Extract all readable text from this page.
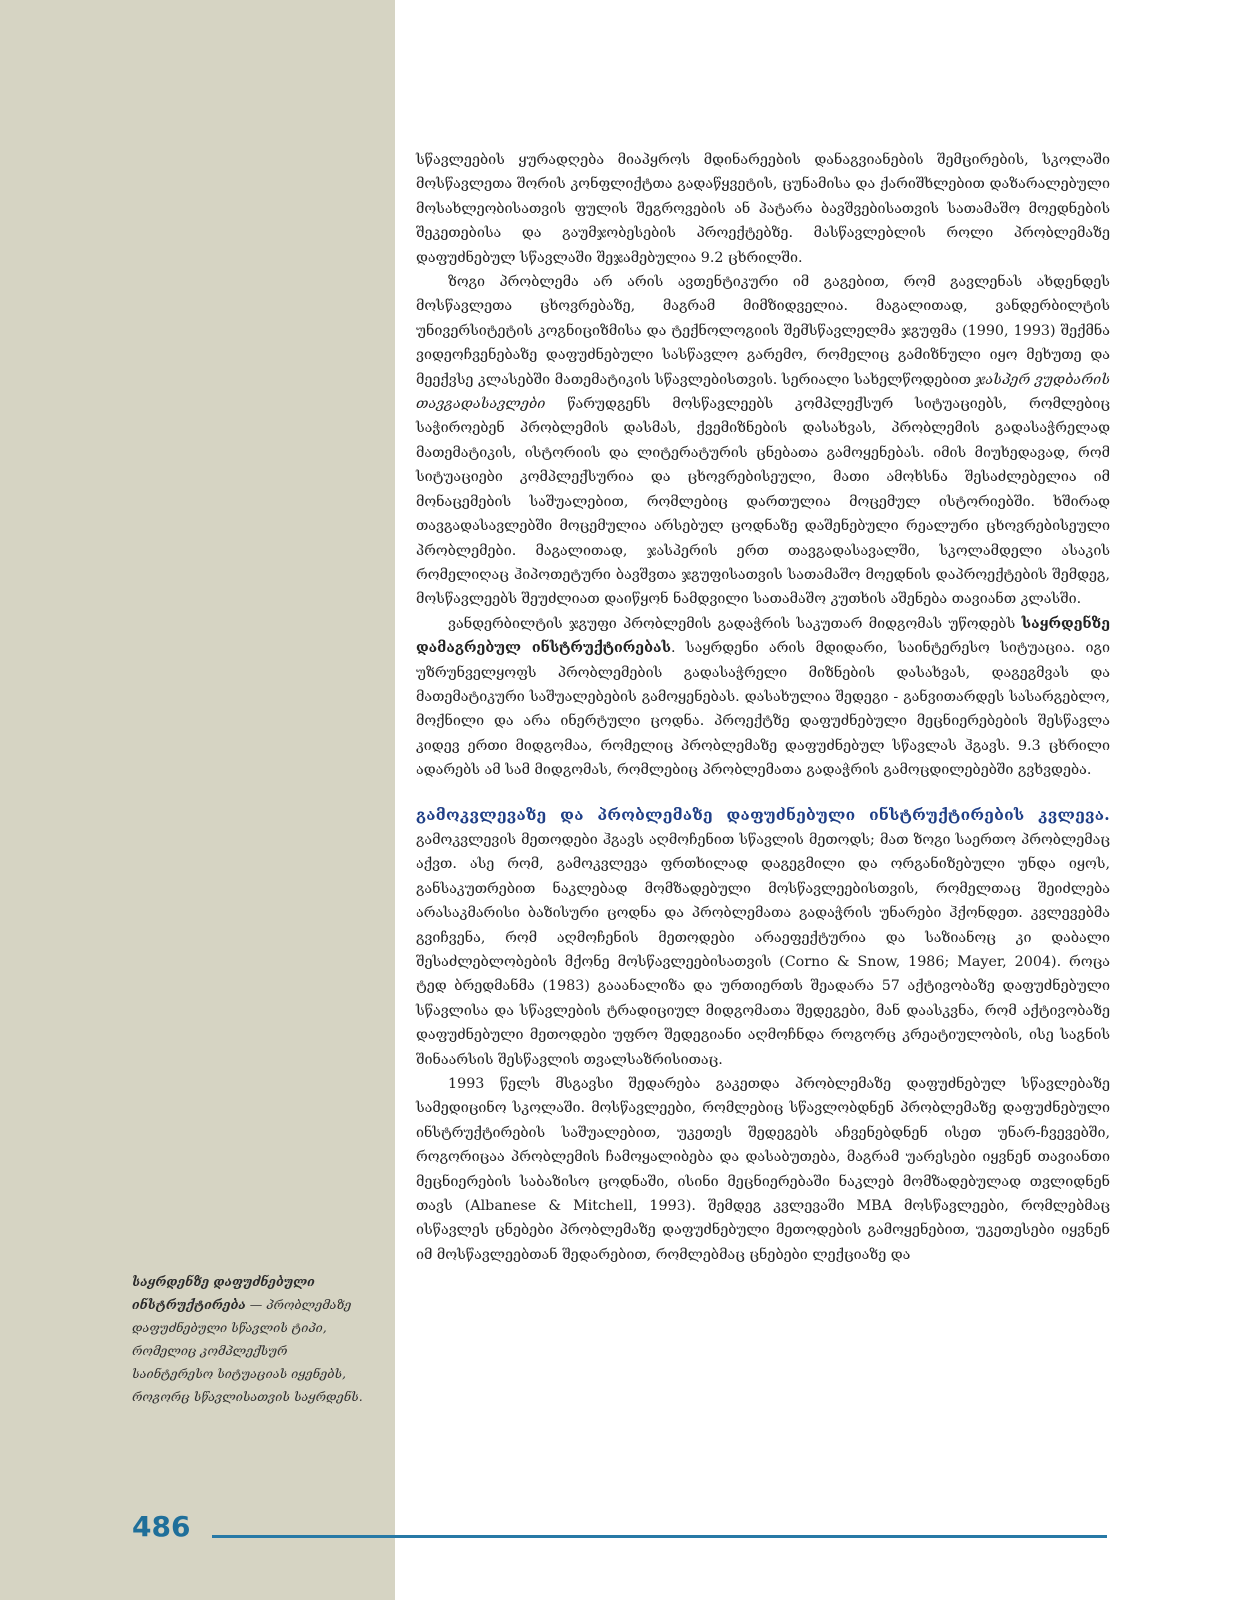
საყრდენზე დაფუძნებული ინსტრუქტირება — პრობლემაზე დაფუძნებული სწავლის ტიპი, რომელიც კომპლექსურ საინტერესო სიტუაციას იყენებს, როგორც სწავლისათვის საყრდენს.
486

სწავლეების ყურადღება მიაპყროს მდინარეების დანაგვიანების შემცირების, სკოლაში მოსწავლეთა შორის კონფლიქტთა გადაწყვეტის, ცუნამისა და ქარიშხლებით დაზარალებული მოსახლეობისათვის ფულის შეგროვების ან პატარა ბავშვებისათვის სათამაშო მოედნების შეკეთებისა და გაუმჯობესების პროექტებზე. მასწავლებლის როლი პრობლემაზე დაფუძნებულ სწავლაში შეჯამებულია 9.2 ცხრილში.

ზოგი პრობლემა არ არის ავთენტიკური იმ გაგებით, რომ გავლენას ახდენდეს მოსწავლეთა ცხოვრებაზე, მაგრამ მიმზიდველია. მაგალითად, ვანდერბილტის უნივერსიტეტის კოგნიციზმისა და ტექნოლოგიის შემსწავლელმა ჯგუფმა (1990, 1993) შექმნა ვიდეოჩვენებაზე დაფუძნებული სასწავლო გარემო, რომელიც გამიზნული იყო მეხუთე და მეექვსე კლასებში მათემატიკის სწავლებისთვის. სერიალი სახელწოდებით ჯასპერ ვუდბარის თავგადასავლები წარუდგენს მოსწავლეებს კომპლექსურ სიტუაციებს, რომლებიც საჭიროებენ პრობლემის დასმას, ქვემიზნების დასახვას, პრობლემის გადასაჭრელად მათემატიკის, ისტორიის და ლიტერატურის ცნებათა გამოყენებას. იმის მიუხედავად, რომ სიტუაციები კომპლექსურია და ცხოვრებისეული, მათი ამოხსნა შესაძლებელია იმ მონაცემების საშუალებით, რომლებიც დართულია მოცემულ ისტორიებში. ხშირად თავგადასავლებში მოცემულია არსებულ ცოდნაზე დაშენებული რეალური ცხოვრებისეული პრობლემები. მაგალითად, ჯასპერის ერთ თავგადასავალში, სკოლამდელი ასაკის რომელიღაც ჰიპოთეტური ბავშვთა ჯგუფისათვის სათამაშო მოედნის დაპროექტების შემდეგ, მოსწავლეებს შეუძლიათ დაიწყონ ნამდვილი სათამაშო კუთხის აშენება თავიანთ კლასში.

ვანდერბილტის ჯგუფი პრობლემის გადაჭრის საკუთარ მიდგომას უწოდებს საყრდენზე დამაგრებულ ინსტრუქტირებას. საყრდენი არის მდიდარი, საინტერესო სიტუაცია. იგი უზრუნველყოფს პრობლემების გადასაჭრელი მიზნების დასახვას, დაგეგმვას და მათემატიკური საშუალებების გამოყენებას. დასახულია შედეგი - განვითარდეს სასარგებლო, მოქნილი და არა ინერტული ცოდნა. პროექტზე დაფუძნებული მეცნიერებების შესწავლა კიდევ ერთი მიდგომაა, რომელიც პრობლემაზე დაფუძნებულ სწავლას ჰგავს. 9.3 ცხრილი ადარებს ამ სამ მიდგომას, რომლებიც პრობლემათა გადაჭრის გამოცდილებებში გვხვდება.

გამოკვლევაზე და პრობლემაზე დაფუძნებული ინსტრუქტირების კვლევა. გამოკვლევის მეთოდები ჰგავს აღმოჩენით სწავლის მეთოდს; მათ ზოგი საერთო პრობლემაც აქვთ. ასე რომ, გამოკვლევა ფრთხილად დაგეგმილი და ორგანიზებული უნდა იყოს, განსაკუთრებით ნაკლებად მომზადებული მოსწავლეებისთვის, რომელთაც შეიძლება არასაკმარისი ბაზისური ცოდნა და პრობლემათა გადაჭრის უნარები ჰქონდეთ. კვლევებმა გვიჩვენა, რომ აღმოჩენის მეთოდები არაეფექტურია და საზიანოც კი დაბალი შესაძლებლობების მქონე მოსწავლეებისათვის (Corno & Snow, 1986; Mayer, 2004). როცა ტედ ბრედმანმა (1983) გააანალიზა და ურთიერთს შეადარა 57 აქტივობაზე დაფუძნებული სწავლისა და სწავლების ტრადიციულ მიდგომათა შედეგები, მან დაასკვნა, რომ აქტივობაზე დაფუძნებული მეთოდები უფრო შედეგიანი აღმოჩნდა როგორც კრეატიულობის, ისე საგნის შინაარსის შესწავლის თვალსაზრისითაც.

1993 წელს მსგავსი შედარება გაკეთდა პრობლემაზე დაფუძნებულ სწავლებაზე სამედიცინო სკოლაში. მოსწავლეები, რომლებიც სწავლობდნენ პრობლემაზე დაფუძნებული ინსტრუქტირების საშუალებით, უკეთეს შედეგებს აჩვენებდნენ ისეთ უნარ-ჩვევებში, როგორიცაა პრობლემის ჩამოყალიბება და დასაბუთება, მაგრამ უარესები იყვნენ თავიანთი მეცნიერების საბაზისო ცოდნაში, ისინი მეცნიერებაში ნაკლებ მომზადებულად თვლიდნენ თავს (Albanese & Mitchell, 1993). შემდეგ კვლევაში MBA მოსწავლეები, რომლებმაც ისწავლეს ცნებები პრობლემაზე დაფუძნებული მეთოდების გამოყენებით, უკეთესები იყვნენ იმ მოსწავლეებთან შედარებით, რომლებმაც ცნებები ლექციაზე და
